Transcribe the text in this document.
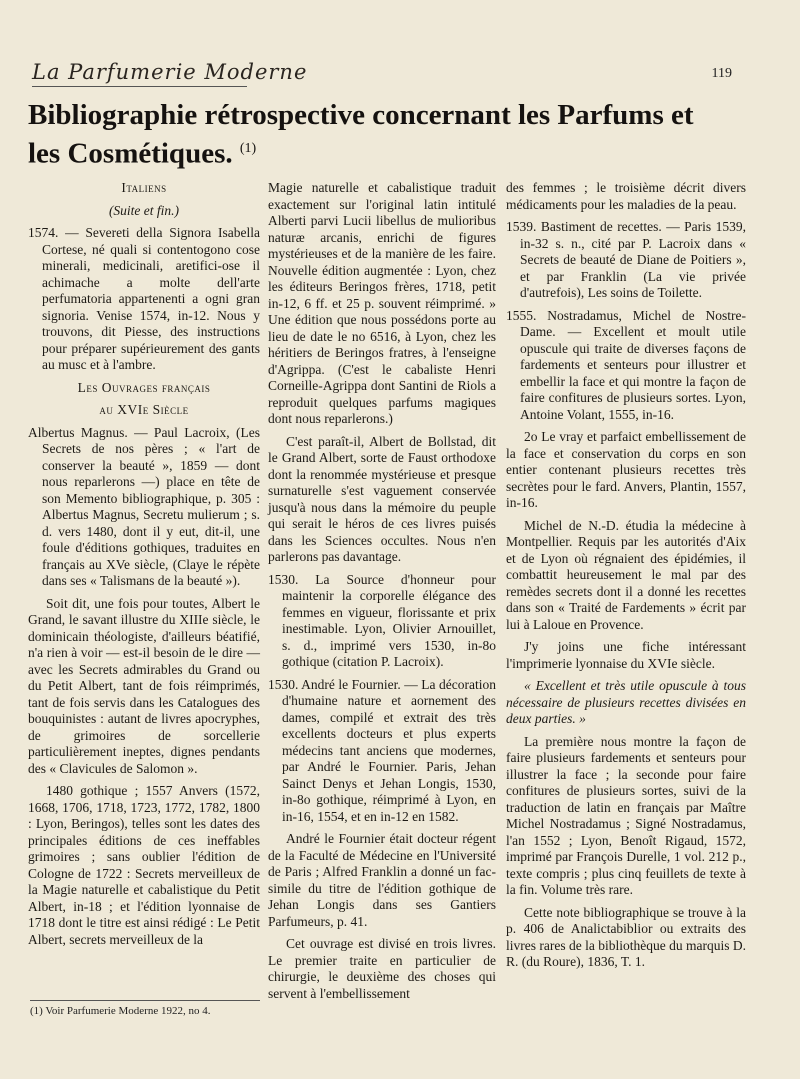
La Parfumerie Moderne	119
Bibliographie rétrospective concernant les Parfums et les Cosmétiques. $^{(1)}$

Italiens

(Suite et fin.)

1574. — Severeti della Signora Isabella Cortese, né quali si contentogono cose minerali, medicinali, aretifici-ose il achimache a molte dell'arte perfumatoria appartenenti a ogni gran signoria. Venise 1574, in-12. Nous y trouvons, dit Piesse, des instructions pour préparer supérieurement des gants au musc et à l'ambre.

Les Ouvrages français

au XVIe Siècle

Albertus Magnus. — Paul Lacroix, (Les Secrets de nos pères ; « l'art de conserver la beauté », 1859 — dont nous reparlerons —) place en tête de son Memento bibliographique, p. 305 : Albertus Magnus, Secretu mulierum ; s. d. vers 1480, dont il y eut, dit-il, une foule d'éditions gothiques, traduites en français au XVe siècle, (Claye le répète dans ses « Talismans de la beauté »).

Soit dit, une fois pour toutes, Albert le Grand, le savant illustre du XIIIe siècle, le dominicain théologiste, d'ailleurs béatifié, n'a rien à voir — est-il besoin de le dire — avec les Secrets admirables du Grand ou du Petit Albert, tant de fois réimprimés, tant de fois servis dans les Catalogues des bouquinistes : autant de livres apocryphes, de grimoires de sorcellerie particulièrement ineptes, dignes pendants des « Clavicules de Salomon ».

1480 gothique ; 1557 Anvers (1572, 1668, 1706, 1718, 1723, 1772, 1782, 1800 : Lyon, Beringos), telles sont les dates des principales éditions de ces ineffables grimoires ; sans oublier l'édition de Cologne de 1722 : Secrets merveilleux de la Magie naturelle et cabalistique du Petit Albert, in-18 ; et l'édition lyonnaise de 1718 dont le titre est ainsi rédigé : Le Petit Albert, secrets merveilleux de la

Magie naturelle et cabalistique traduit exactement sur l'original latin intitulé Alberti parvi Lucii libellus de mulioribus naturæ arcanis, enrichi de figures mystérieuses et de la manière de les faire. Nouvelle édition augmentée : Lyon, chez les éditeurs Beringos frères, 1718, petit in-12, 6 ff. et 25 p. souvent réimprimé. » Une édition que nous possédons porte au lieu de date le no 6516, à Lyon, chez les héritiers de Beringos fratres, à l'enseigne d'Agrippa. (C'est le cabaliste Henri Corneille-Agrippa dont Santini de Riols a reproduit quelques parfums magiques dont nous reparlerons.)

C'est paraît-il, Albert de Bollstad, dit le Grand Albert, sorte de Faust orthodoxe dont la renommée mystérieuse et presque surnaturelle s'est vaguement conservée jusqu'à nous dans la mémoire du peuple qui serait le héros de ces livres puisés dans les Sciences occultes. Nous n'en parlerons pas davantage.

1530. La Source d'honneur pour maintenir la corporelle élégance des femmes en vigueur, florissante et prix inestimable. Lyon, Olivier Arnouillet, s. d., imprimé vers 1530, in-8o gothique (citation P. Lacroix).

1530. André le Fournier. — La décoration d'humaine nature et aornement des dames, compilé et extrait des très excellents docteurs et plus experts médecins tant anciens que modernes, par André le Fournier. Paris, Jehan Sainct Denys et Jehan Longis, 1530, in-8o gothique, réimprimé à Lyon, en in-16, 1554, et en in-12 en 1582.

André le Fournier était docteur régent de la Faculté de Médecine en l'Université de Paris ; Alfred Franklin a donné un fac-simile du titre de l'édition gothique de Jehan Longis dans ses Gantiers Parfumeurs, p. 41.

Cet ouvrage est divisé en trois livres. Le premier traite en particulier de chirurgie, le deuxième des choses qui servent à l'embellissement

des femmes ; le troisième décrit divers médicaments pour les maladies de la peau.

1539. Bastiment de recettes. — Paris 1539, in-32 s. n., cité par P. Lacroix dans « Secrets de beauté de Diane de Poitiers », et par Franklin (La vie privée d'autrefois), Les soins de Toilette.

1555. Nostradamus, Michel de Nostre-Dame. — Excellent et moult utile opuscule qui traite de diverses façons de fardements et senteurs pour illustrer et embellir la face et qui montre la façon de faire confitures de plusieurs sortes. Lyon, Antoine Volant, 1555, in-16.

2o Le vray et parfaict embellissement de la face et conservation du corps en son entier contenant plusieurs recettes très secrètes pour le fard. Anvers, Plantin, 1557, in-16.

Michel de N.-D. étudia la médecine à Montpellier. Requis par les autorités d'Aix et de Lyon où régnaient des épidémies, il combattit heureusement le mal par des remèdes secrets dont il a donné les recettes dans son « Traité de Fardements » écrit par lui à Laloue en Provence.

J'y joins une fiche intéressant l'imprimerie lyonnaise du XVIe siècle.

« Excellent et très utile opuscule à tous nécessaire de plusieurs recettes divisées en deux parties. »

La première nous montre la façon de faire plusieurs fardements et senteurs pour illustrer la face ; la seconde pour faire confitures de plusieurs sortes, suivi de la traduction de latin en français par Maître Michel Nostradamus ; Signé Nostradamus, l'an 1552 ; Lyon, Benoît Rigaud, 1572, imprimé par François Durelle, 1 vol. 212 p., texte compris ; plus cinq feuillets de texte à la fin. Volume très rare.

Cette note bibliographique se trouve à la p. 406 de Analictabiblior ou extraits des livres rares de la bibliothèque du marquis D. R. (du Roure), 1836, T. 1.

(1) Voir Parfumerie Moderne 1922, no 4.
